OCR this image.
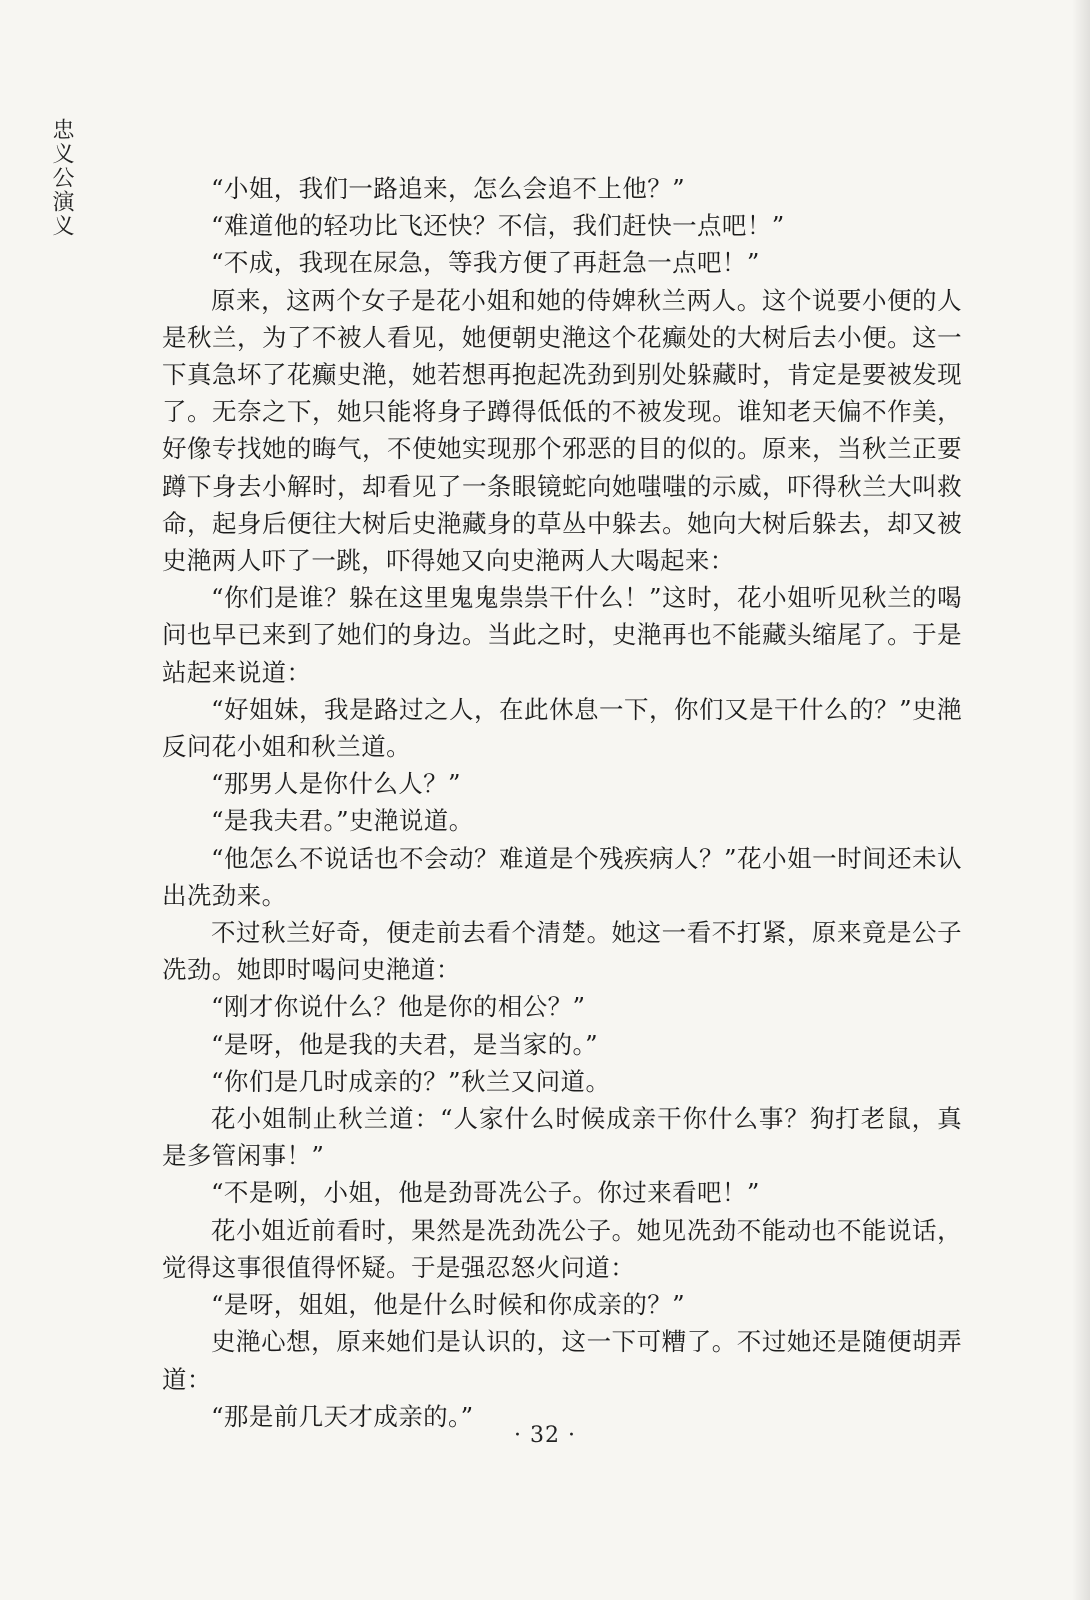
忠义公演义	“小姐，我们一路追来，怎么会追不上他？”

“难道他的轻功比飞还快？不信，我们赶快一点吧！”

“不成，我现在尿急，等我方便了再赶急一点吧！”

原来，这两个女子是花小姐和她的侍婢秋兰两人。这个说要小便的人是秋兰，为了不被人看见，她便朝史滟这个花癫处的大树后去小便。这一下真急坏了花癫史滟，她若想再抱起冼劲到别处躲藏时，肯定是要被发现了。无奈之下，她只能将身子蹲得低低的不被发现。谁知老天偏不作美，好像专找她的晦气，不使她实现那个邪恶的目的似的。原来，当秋兰正要蹲下身去小解时，却看见了一条眼镜蛇向她嗤嗤的示威，吓得秋兰大叫救命，起身后便往大树后史滟藏身的草丛中躲去。她向大树后躲去，却又被史滟两人吓了一跳，吓得她又向史滟两人大喝起来：

“你们是谁？躲在这里鬼鬼祟祟干什么！”这时，花小姐听见秋兰的喝问也早已来到了她们的身边。当此之时，史滟再也不能藏头缩尾了。于是站起来说道：

“好姐妹，我是路过之人，在此休息一下，你们又是干什么的？”史滟反问花小姐和秋兰道。

“那男人是你什么人？”

“是我夫君。”史滟说道。

“他怎么不说话也不会动？难道是个残疾病人？”花小姐一时间还未认出冼劲来。

不过秋兰好奇，便走前去看个清楚。她这一看不打紧，原来竟是公子冼劲。她即时喝问史滟道：

“刚才你说什么？他是你的相公？”

“是呀，他是我的夫君，是当家的。”

“你们是几时成亲的？”秋兰又问道。

花小姐制止秋兰道：“人家什么时候成亲干你什么事？狗打老鼠，真是多管闲事！”

“不是咧，小姐，他是劲哥冼公子。你过来看吧！”

花小姐近前看时，果然是冼劲冼公子。她见冼劲不能动也不能说话，觉得这事很值得怀疑。于是强忍怒火问道：

“是呀，姐姐，他是什么时候和你成亲的？”

史滟心想，原来她们是认识的，这一下可糟了。不过她还是随便胡弄道：

“那是前几天才成亲的。”

· 32 ·
